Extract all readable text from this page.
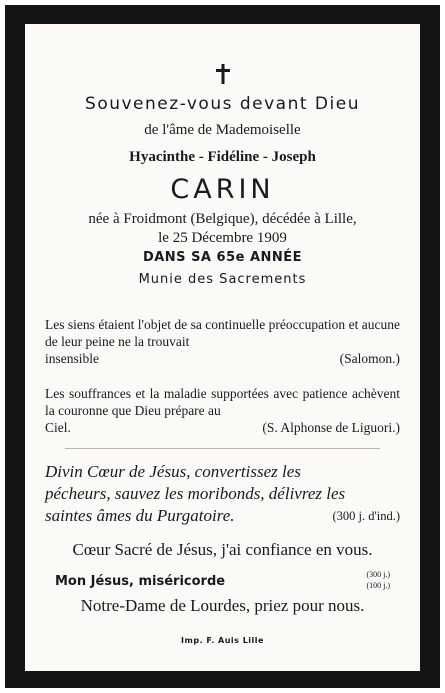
Souvenez-vous devant Dieu
de l'âme de Mademoiselle
Hyacinthe - Fidéline - Joseph
CARIN
née à Froidmont (Belgique), décédée à Lille,
le 25 Décembre 1909
DANS SA 65e ANNÉE
Munie des Sacrements
Les siens étaient l'objet de sa continuelle préoccupation et aucune de leur peine ne la trouvait
insensible	(Salomon.)
Les souffrances et la maladie supportées avec patience achèvent la couronne que Dieu prépare au
Ciel.	(S. Alphonse de Liguori.)
Divin Cœur de Jésus, convertissez les
pécheurs, sauvez les moribonds, délivrez les
saintes âmes du Purgatoire.	(300 j. d'ind.)
Cœur Sacré de Jésus, j'ai confiance en vous.
Mon Jésus, miséricorde	(300 j.)
(100 j.)
Notre-Dame de Lourdes, priez pour nous.
Imp. F. Auis Lille
